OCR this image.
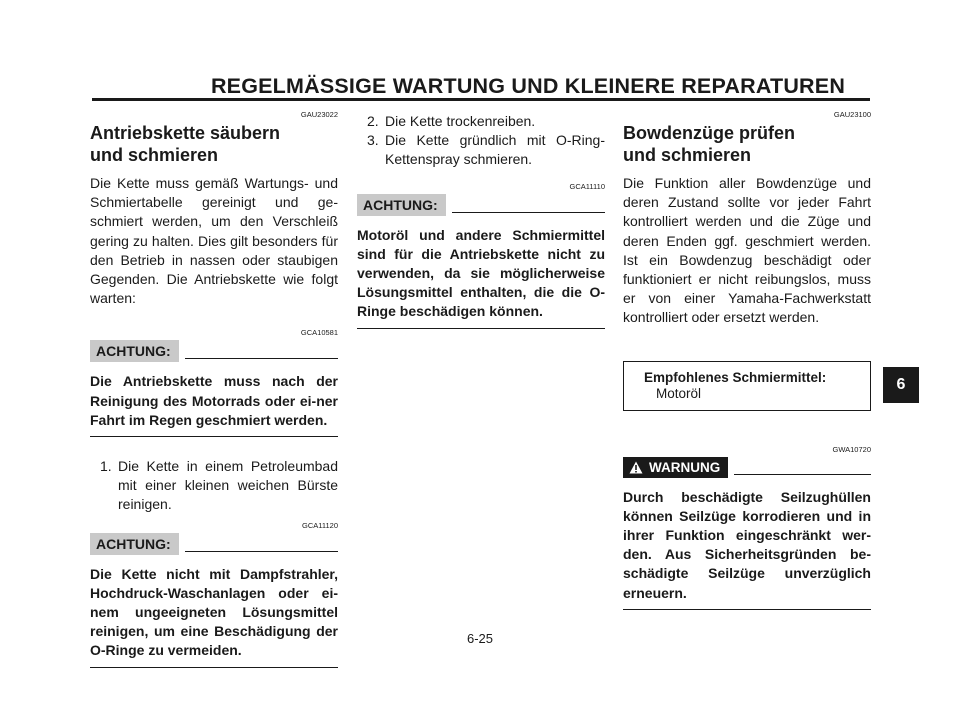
REGELMÄSSIGE WARTUNG UND KLEINERE REPARATUREN

GAU23022

Antriebskette säubern
und schmieren

Die Kette muss gemäß Wartungs- und Schmiertabelle gereinigt und ge-schmiert werden, um den Verschleiß gering zu halten. Dies gilt besonders für den Betrieb in nassen oder staubigen Gegenden. Die Antriebskette wie folgt warten:

GCA10581

ACHTUNG:
Die Antriebskette muss nach der Reinigung des Motorrads oder ei-ner Fahrt im Regen geschmiert werden.
1. Die Kette in einem Petroleumbad mit einer kleinen weichen Bürste reinigen.

GCA11120

ACHTUNG:
Die Kette nicht mit Dampfstrahler, Hochdruck-Waschanlagen oder ei-nem ungeeigneten Lösungsmittel reinigen, um eine Beschädigung der O-Ringe zu vermeiden.
2. Die Kette trockenreiben.
3. Die Kette gründlich mit O-Ring-Kettenspray schmieren.

GCA11110

ACHTUNG:
Motoröl und andere Schmiermittel sind für die Antriebskette nicht zu verwenden, da sie möglicherweise Lösungsmittel enthalten, die die O-Ringe beschädigen können.

GAU23100

Bowdenzüge prüfen
und schmieren

Die Funktion aller Bowdenzüge und deren Zustand sollte vor jeder Fahrt kontrolliert werden und die Züge und deren Enden ggf. geschmiert werden. Ist ein Bowdenzug beschädigt oder funktioniert er nicht reibungslos, muss er von einer Yamaha-Fachwerkstatt kontrolliert oder ersetzt werden.

Empfohlenes Schmiermittel:
Motoröl

GWA10720

WARNUNG
Durch beschädigte Seilzughüllen können Seilzüge korrodieren und in ihrer Funktion eingeschränkt wer-den. Aus Sicherheitsgründen be-schädigte Seilzüge unverzüglich erneuern.
6
6-25
